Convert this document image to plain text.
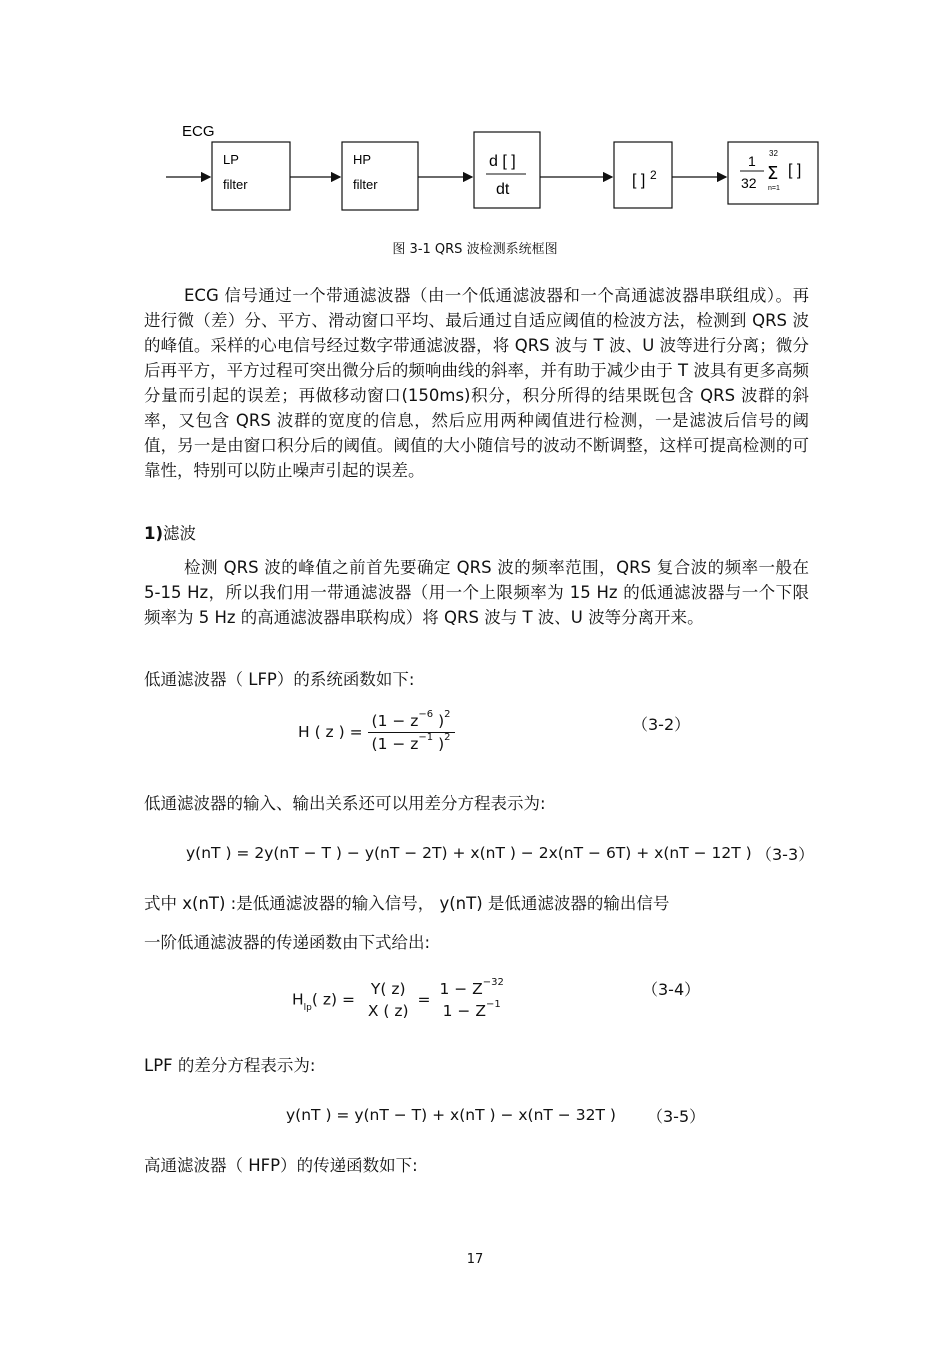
ECG
LP
filter
HP
filter
d [ ]
dt
[ ] 2
1
32
32
Σ
n=1
[ ]
图 3-1 QRS 波检测系统框图
ECG 信号通过一个带通滤波器（由一个低通滤波器和一个高通滤波器串联组成）。再进行微（差）分、平方、滑动窗口平均、最后通过自适应阈值的检波方法，检测到 QRS 波的峰值。采样的心电信号经过数字带通滤波器，将 QRS 波与 T 波、U 波等进行分离；微分后再平方，平方过程可突出微分后的频响曲线的斜率，并有助于减少由于 T 波具有更多高频分量而引起的误差；再做移动窗口(150ms)积分，积分所得的结果既包含 QRS 波群的斜率，又包含 QRS 波群的宽度的信息，然后应用两种阈值进行检测，一是滤波后信号的阈值，另一是由窗口积分后的阈值。阈值的大小随信号的波动不断调整，这样可提高检测的可靠性，特别可以防止噪声引起的误差。
1)滤波
检测 QRS 波的峰值之前首先要确定 QRS 波的频率范围，QRS 复合波的频率一般在 5-15 Hz，所以我们用一带通滤波器（用一个上限频率为 15 Hz 的低通滤波器与一个下限频率为 5 Hz 的高通滤波器串联构成）将 QRS 波与 T 波、U 波等分离开来。
低通滤波器（ LFP）的系统函数如下:
H ( z ) = $\frac{(1 - z^{-6} )^2}{(1 - z^{-1} )^2}$	（3-2）
低通滤波器的输入、输出关系还可以用差分方程表示为:
y(nT ) = 2y(nT − T ) − y(nT − 2T) + x(nT ) − 2x(nT − 6T) + x(nT − 12T ) （3-3）
式中 x(nT) :是低通滤波器的输入信号， y(nT) 是低通滤波器的输出信号
一阶低通滤波器的传递函数由下式给出:
$H_{lp}$( z) =
Y( z)
X ( z)
=
$1 - Z^{-32}$
$1 - Z^{-1}$
（3-4）
LPF 的差分方程表示为:
y(nT ) = y(nT − T) + x(nT ) − x(nT − 32T ) （3-5）
高通滤波器（ HFP）的传递函数如下:
17
